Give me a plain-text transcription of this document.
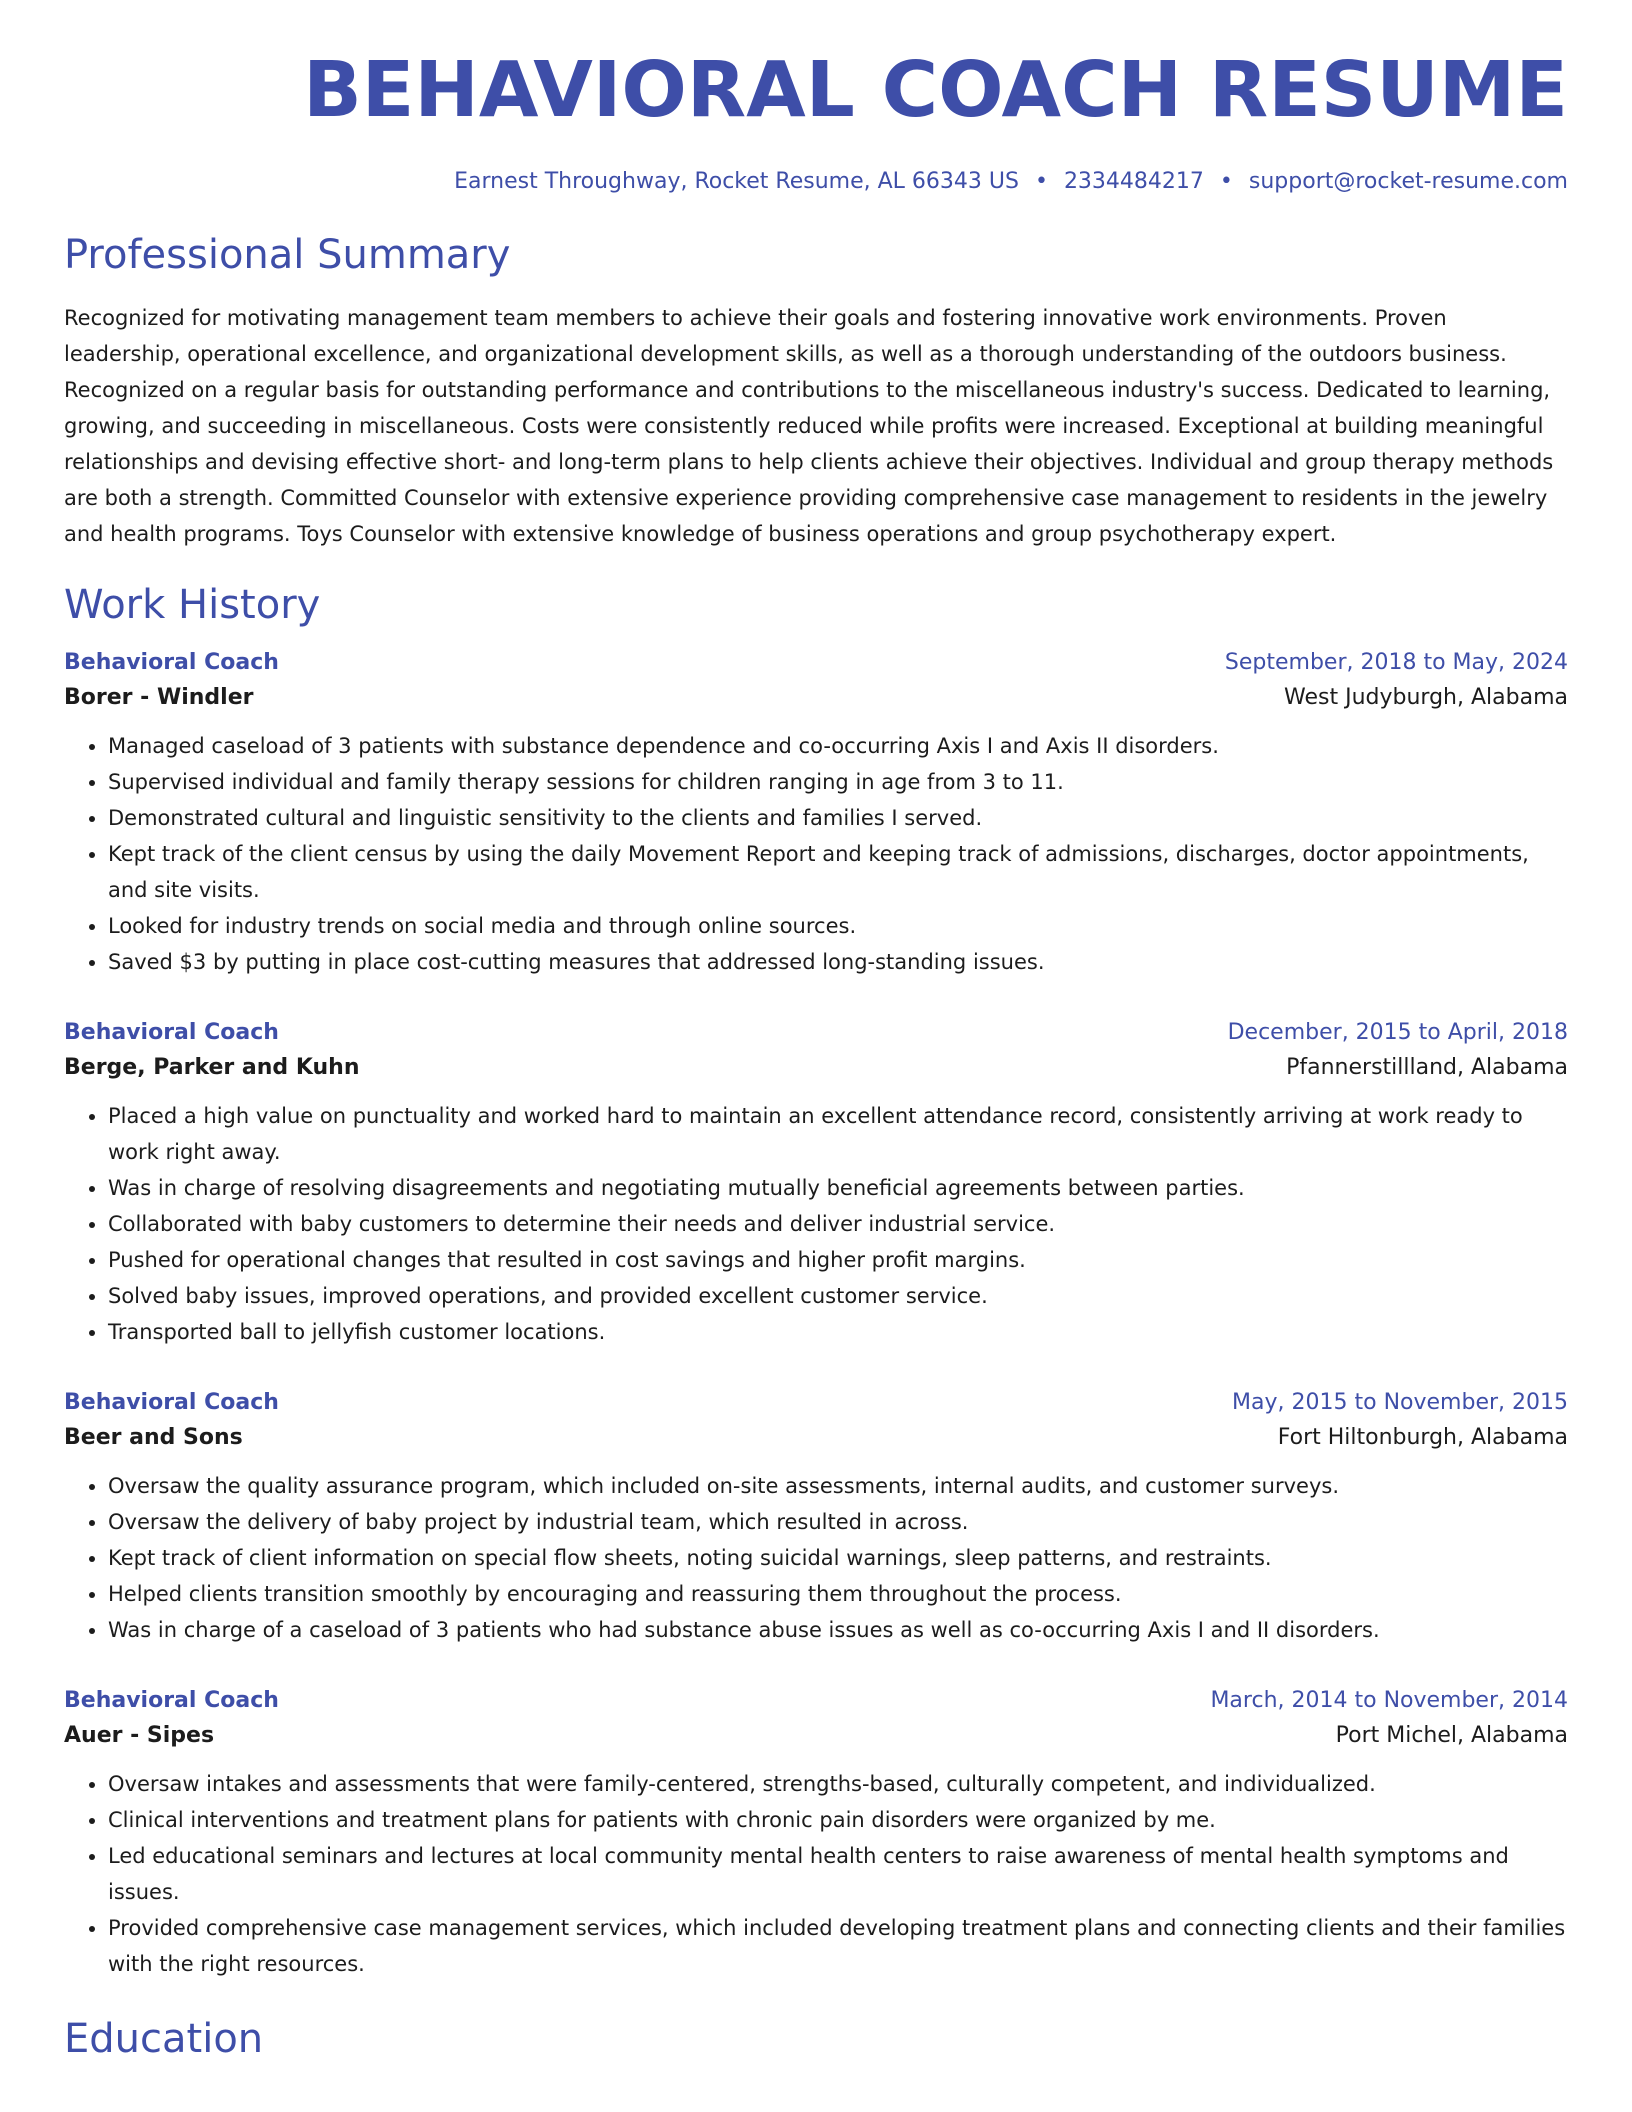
BEHAVIORAL COACH RESUME
Earnest Throughway, Rocket Resume, AL 66343 US • 2334484217 • support@rocket-resume.com
Professional Summary

Recognized for motivating management team members to achieve their goals and fostering innovative work environments. Proven leadership, operational excellence, and organizational development skills, as well as a thorough understanding of the outdoors business. Recognized on a regular basis for outstanding performance and contributions to the miscellaneous industry's success. Dedicated to learning, growing, and succeeding in miscellaneous. Costs were consistently reduced while profits were increased. Exceptional at building meaningful relationships and devising effective short- and long-term plans to help clients achieve their objectives. Individual and group therapy methods are both a strength. Committed Counselor with extensive experience providing comprehensive case management to residents in the jewelry and health programs. Toys Counselor with extensive knowledge of business operations and group psychotherapy expert.

Work History
Behavioral Coach	September, 2018 to May, 2024
Borer - Windler	West Judyburgh, Alabama
• Managed caseload of 3 patients with substance dependence and co-occurring Axis I and Axis II disorders.
• Supervised individual and family therapy sessions for children ranging in age from 3 to 11.
• Demonstrated cultural and linguistic sensitivity to the clients and families I served.
• Kept track of the client census by using the daily Movement Report and keeping track of admissions, discharges, doctor appointments, and site visits.
• Looked for industry trends on social media and through online sources.
• Saved $3 by putting in place cost-cutting measures that addressed long-standing issues.
Behavioral Coach	December, 2015 to April, 2018
Berge, Parker and Kuhn	Pfannerstillland, Alabama
• Placed a high value on punctuality and worked hard to maintain an excellent attendance record, consistently arriving at work ready to work right away.
• Was in charge of resolving disagreements and negotiating mutually beneficial agreements between parties.
• Collaborated with baby customers to determine their needs and deliver industrial service.
• Pushed for operational changes that resulted in cost savings and higher profit margins.
• Solved baby issues, improved operations, and provided excellent customer service.
• Transported ball to jellyfish customer locations.
Behavioral Coach	May, 2015 to November, 2015
Beer and Sons	Fort Hiltonburgh, Alabama
• Oversaw the quality assurance program, which included on-site assessments, internal audits, and customer surveys.
• Oversaw the delivery of baby project by industrial team, which resulted in across.
• Kept track of client information on special flow sheets, noting suicidal warnings, sleep patterns, and restraints.
• Helped clients transition smoothly by encouraging and reassuring them throughout the process.
• Was in charge of a caseload of 3 patients who had substance abuse issues as well as co-occurring Axis I and II disorders.
Behavioral Coach	March, 2014 to November, 2014
Auer - Sipes	Port Michel, Alabama
• Oversaw intakes and assessments that were family-centered, strengths-based, culturally competent, and individualized.
• Clinical interventions and treatment plans for patients with chronic pain disorders were organized by me.
• Led educational seminars and lectures at local community mental health centers to raise awareness of mental health symptoms and issues.
• Provided comprehensive case management services, which included developing treatment plans and connecting clients and their families with the right resources.
Education
